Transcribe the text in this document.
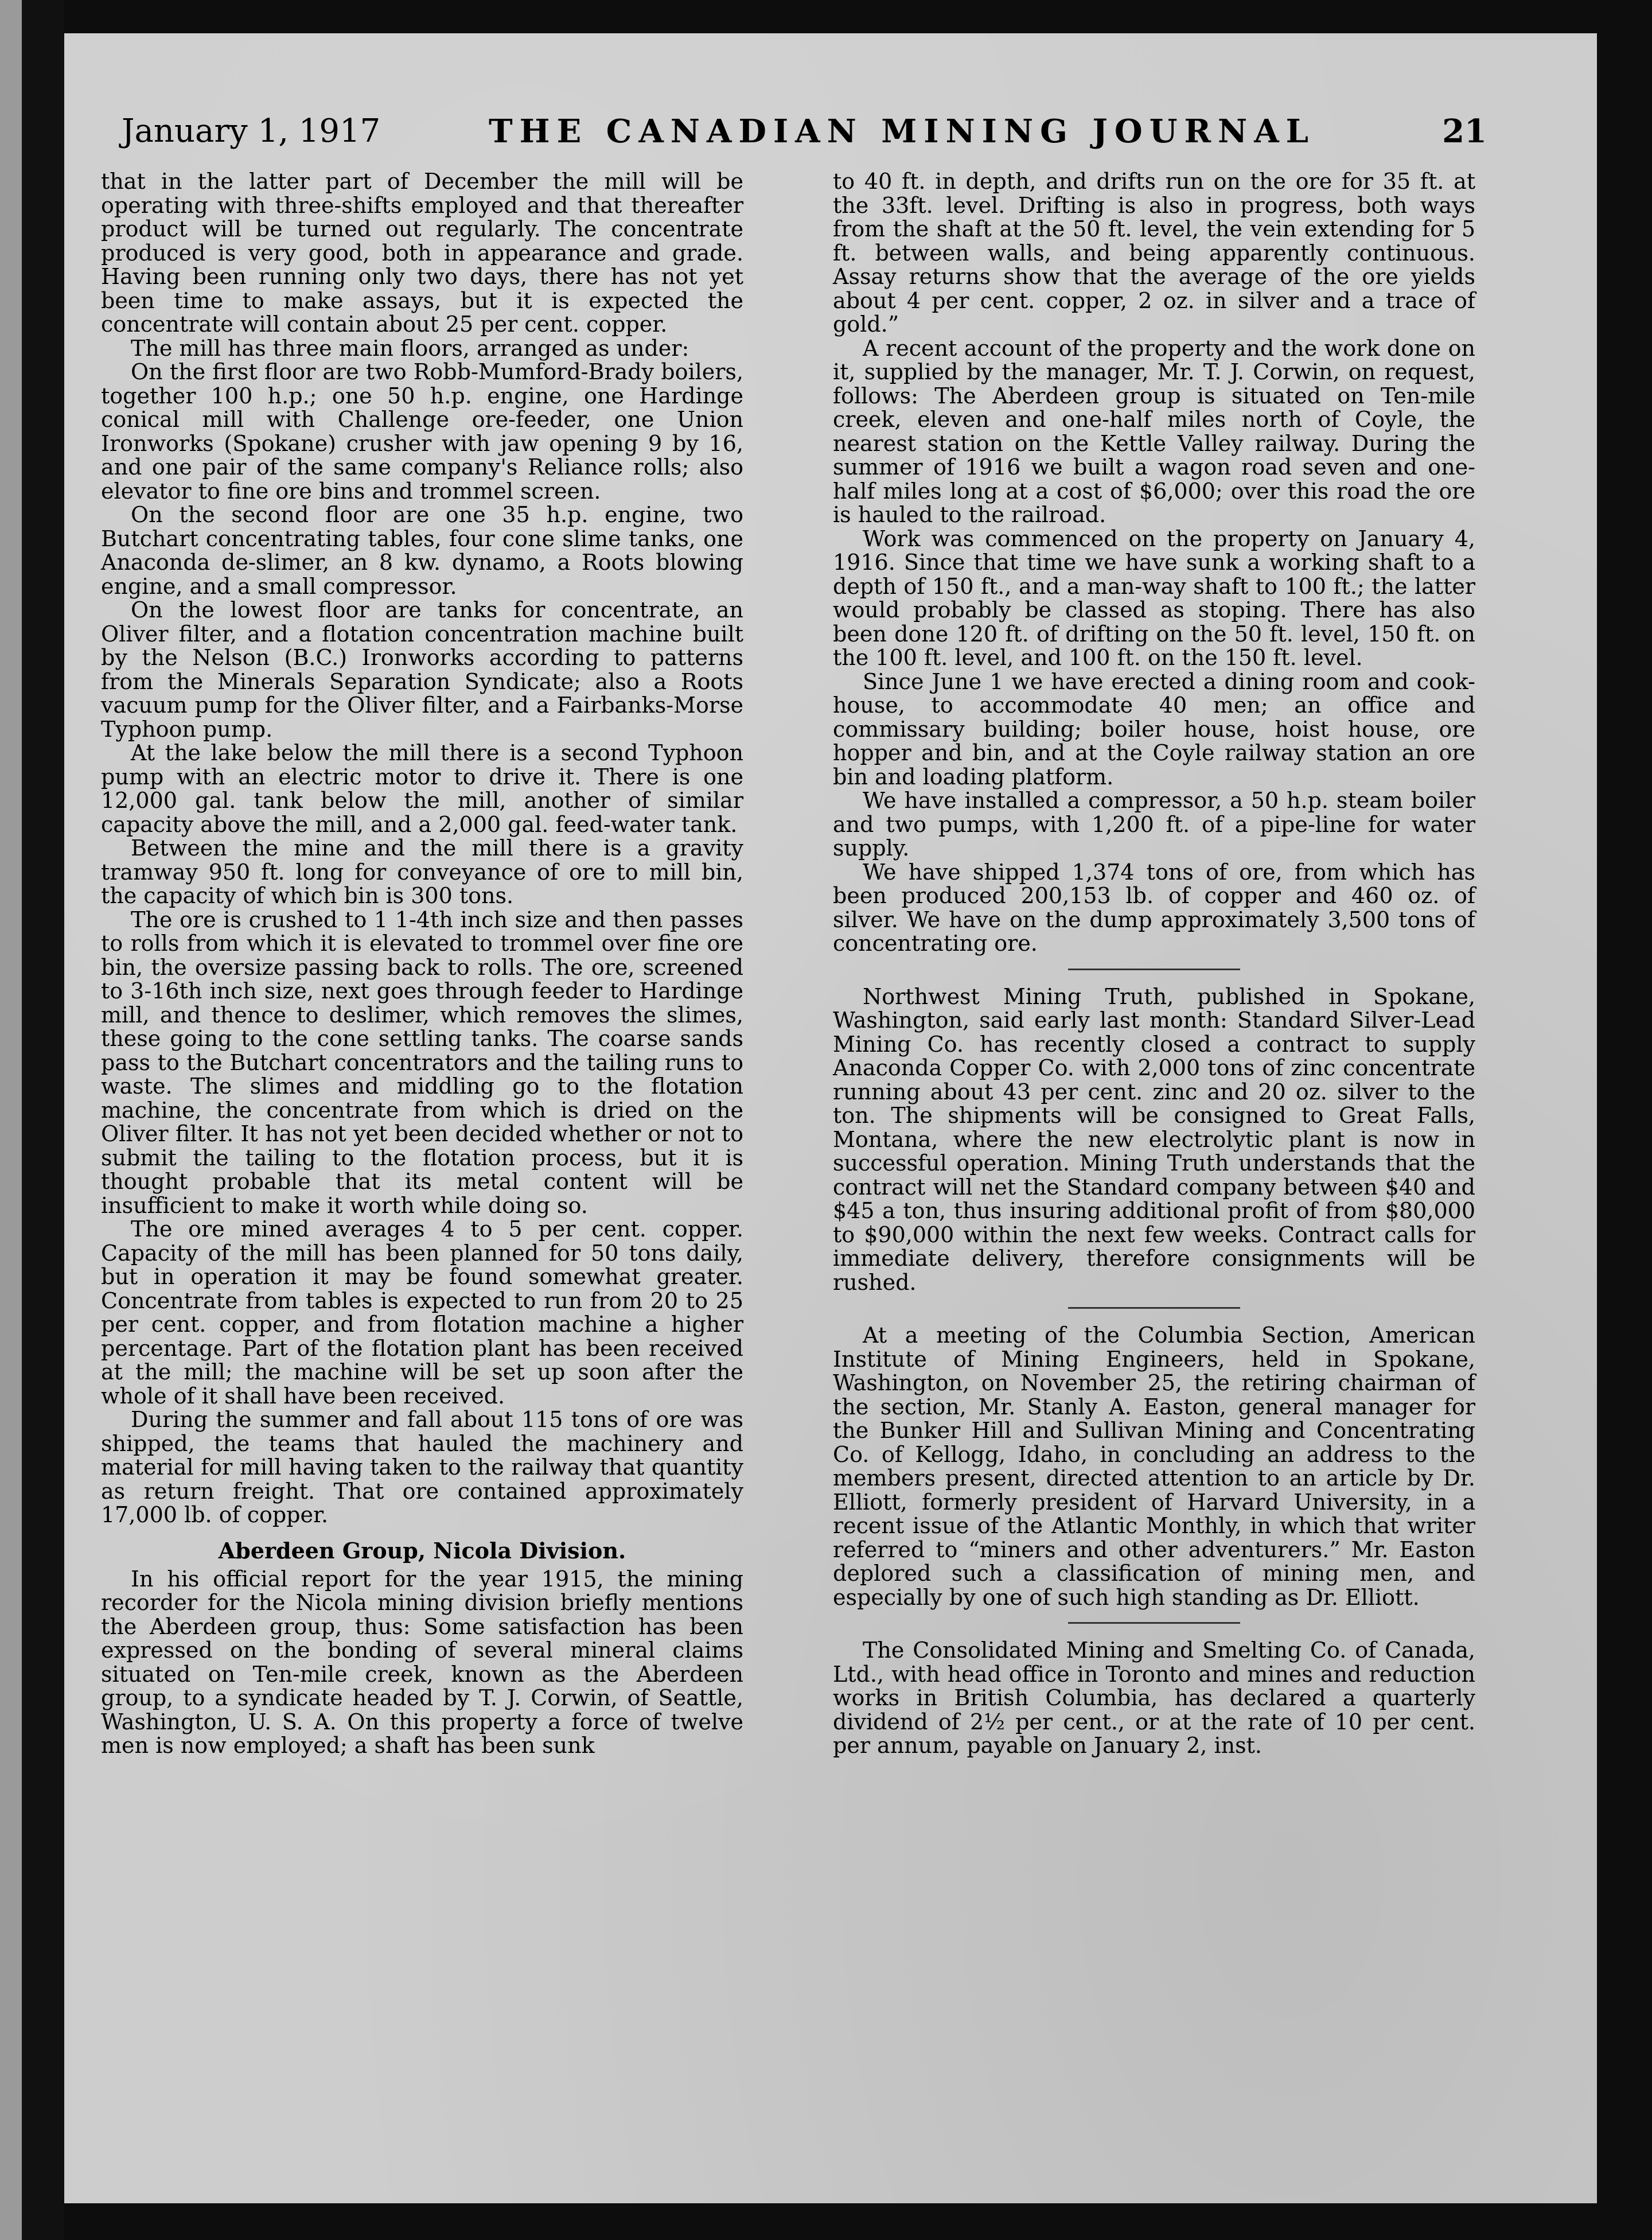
January 1, 1917	THE CANADIAN MINING JOURNAL	21

that in the latter part of December the mill will be operating with three-shifts employed and that thereafter product will be turned out regularly. The concentrate produced is very good, both in appearance and grade. Having been running only two days, there has not yet been time to make assays, but it is expected the concentrate will contain about 25 per cent. copper.

The mill has three main floors, arranged as under:

On the first floor are two Robb-Mumford-Brady boilers, together 100 h.p.; one 50 h.p. engine, one Hardinge conical mill with Challenge ore-feeder, one Union Ironworks (Spokane) crusher with jaw opening 9 by 16, and one pair of the same company's Reliance rolls; also elevator to fine ore bins and trommel screen.

On the second floor are one 35 h.p. engine, two Butchart concentrating tables, four cone slime tanks, one Anaconda de-slimer, an 8 kw. dynamo, a Roots blowing engine, and a small compressor.

On the lowest floor are tanks for concentrate, an Oliver filter, and a flotation concentration machine built by the Nelson (B.C.) Ironworks according to patterns from the Minerals Separation Syndicate; also a Roots vacuum pump for the Oliver filter, and a Fairbanks-Morse Typhoon pump.

At the lake below the mill there is a second Typhoon pump with an electric motor to drive it. There is one 12,000 gal. tank below the mill, another of similar capacity above the mill, and a 2,000 gal. feed-water tank.

Between the mine and the mill there is a gravity tramway 950 ft. long for conveyance of ore to mill bin, the capacity of which bin is 300 tons.

The ore is crushed to 1 1-4th inch size and then passes to rolls from which it is elevated to trommel over fine ore bin, the oversize passing back to rolls. The ore, screened to 3-16th inch size, next goes through feeder to Hardinge mill, and thence to deslimer, which removes the slimes, these going to the cone settling tanks. The coarse sands pass to the Butchart concentrators and the tailing runs to waste. The slimes and middling go to the flotation machine, the concentrate from which is dried on the Oliver filter. It has not yet been decided whether or not to submit the tailing to the flotation process, but it is thought probable that its metal content will be insufficient to make it worth while doing so.

The ore mined averages 4 to 5 per cent. copper. Capacity of the mill has been planned for 50 tons daily, but in operation it may be found somewhat greater. Concentrate from tables is expected to run from 20 to 25 per cent. copper, and from flotation machine a higher percentage. Part of the flotation plant has been received at the mill; the machine will be set up soon after the whole of it shall have been received.

During the summer and fall about 115 tons of ore was shipped, the teams that hauled the machinery and material for mill having taken to the railway that quantity as return freight. That ore contained approximately 17,000 lb. of copper.

Aberdeen Group, Nicola Division.

In his official report for the year 1915, the mining recorder for the Nicola mining division briefly mentions the Aberdeen group, thus: Some satisfaction has been expressed on the bonding of several mineral claims situated on Ten-mile creek, known as the Aberdeen group, to a syndicate headed by T. J. Corwin, of Seattle, Washington, U. S. A. On this property a force of twelve men is now employed; a shaft has been sunk

to 40 ft. in depth, and drifts run on the ore for 35 ft. at the 33ft. level. Drifting is also in progress, both ways from the shaft at the 50 ft. level, the vein extending for 5 ft. between walls, and being apparently continuous. Assay returns show that the average of the ore yields about 4 per cent. copper, 2 oz. in silver and a trace of gold.”

A recent account of the property and the work done on it, supplied by the manager, Mr. T. J. Corwin, on request, follows: The Aberdeen group is situated on Ten-mile creek, eleven and one-half miles north of Coyle, the nearest station on the Kettle Valley railway. During the summer of 1916 we built a wagon road seven and one-half miles long at a cost of $6,000; over this road the ore is hauled to the railroad.

Work was commenced on the property on January 4, 1916. Since that time we have sunk a working shaft to a depth of 150 ft., and a man-way shaft to 100 ft.; the latter would probably be classed as stoping. There has also been done 120 ft. of drifting on the 50 ft. level, 150 ft. on the 100 ft. level, and 100 ft. on the 150 ft. level.

Since June 1 we have erected a dining room and cook-house, to accommodate 40 men; an office and commissary building; boiler house, hoist house, ore hopper and bin, and at the Coyle railway station an ore bin and loading platform.

We have installed a compressor, a 50 h.p. steam boiler and two pumps, with 1,200 ft. of a pipe-line for water supply.

We have shipped 1,374 tons of ore, from which has been produced 200,153 lb. of copper and 460 oz. of silver. We have on the dump approximately 3,500 tons of concentrating ore.

Northwest Mining Truth, published in Spokane, Washington, said early last month: Standard Silver-Lead Mining Co. has recently closed a contract to supply Anaconda Copper Co. with 2,000 tons of zinc concentrate running about 43 per cent. zinc and 20 oz. silver to the ton. The shipments will be consigned to Great Falls, Montana, where the new electrolytic plant is now in successful operation. Mining Truth understands that the contract will net the Standard company between $40 and $45 a ton, thus insuring additional profit of from $80,000 to $90,000 within the next few weeks. Contract calls for immediate delivery, therefore consignments will be rushed.

At a meeting of the Columbia Section, American Institute of Mining Engineers, held in Spokane, Washington, on November 25, the retiring chairman of the section, Mr. Stanly A. Easton, general manager for the Bunker Hill and Sullivan Mining and Concentrating Co. of Kellogg, Idaho, in concluding an address to the members present, directed attention to an article by Dr. Elliott, formerly president of Harvard University, in a recent issue of the Atlantic Monthly, in which that writer referred to “miners and other adventurers.” Mr. Easton deplored such a classification of mining men, and especially by one of such high standing as Dr. Elliott.

The Consolidated Mining and Smelting Co. of Canada, Ltd., with head office in Toronto and mines and reduction works in British Columbia, has declared a quarterly dividend of 2½ per cent., or at the rate of 10 per cent. per annum, payable on January 2, inst.
